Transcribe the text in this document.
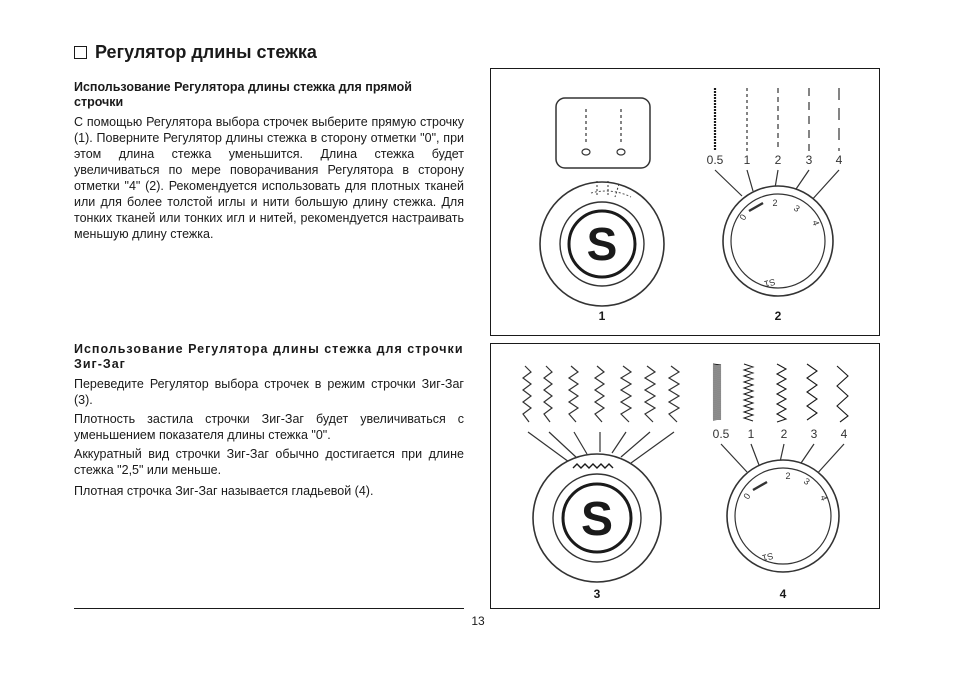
Регулятор длины стежка
Использование Регулятора длины стежка для прямой строчки
С помощью Регулятора выбора строчек выберите прямую строчку (1). Поверните Регулятор длины стежка в сторону отметки "0", при этом длина стежка уменьшится. Длина стежка будет увеличиваться по мере поворачивания Регулятора в сторону отметки "4" (2). Рекомендуется использовать для плотных тканей или для более толстой иглы и нити большую длину стежка. Для тонких тканей или тонких игл и нитей, рекомендуется настраивать меньшую длину стежка.
Использование Регулятора длины стежка для строчки Зиг-Заг
Переведите Регулятор выбора строчек в режим строчки Зиг-Заг (3).
Плотность застила строчки Зиг-Заг будет увеличиваться с уменьшением показателя длины стежка "0".
Аккуратный вид строчки Зиг-Заг обычно достигается при длине стежка "2,5" или меньше.
Плотная строчка Зиг-Заг называется гладьевой (4).
13
S
1
0.5 1 2 3 4
0
2
3
4
S1
2
S
3
0.5 1 2 3 4
0
2
3
4
S1
4
